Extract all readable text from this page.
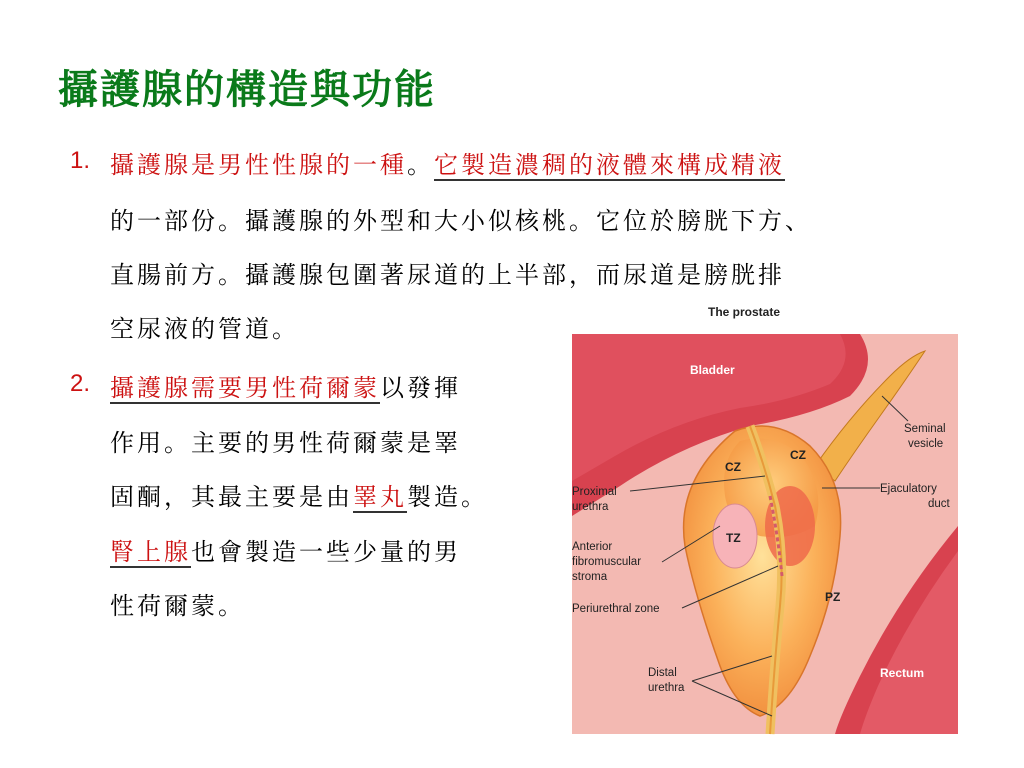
攝護腺的構造與功能
1. 攝護腺是男性性腺的一種。它製造濃稠的液體來構成精液
的一部份。攝護腺的外型和大小似核桃。它位於膀胱下方、
直腸前方。攝護腺包圍著尿道的上半部，而尿道是膀胱排
空尿液的管道。
2. 攝護腺需要男性荷爾蒙以發揮
作用。主要的男性荷爾蒙是睪
固酮，其最主要是由睪丸製造。
腎上腺也會製造一些少量的男
性荷爾蒙。
The prostate
Bladder
Rectum
CZ
CZ
TZ
PZ
Seminal
vesicle
Ejaculatory
duct
Proximal
urethra
Anterior
fibromuscular
stroma
Periurethral zone
Distal
urethra
